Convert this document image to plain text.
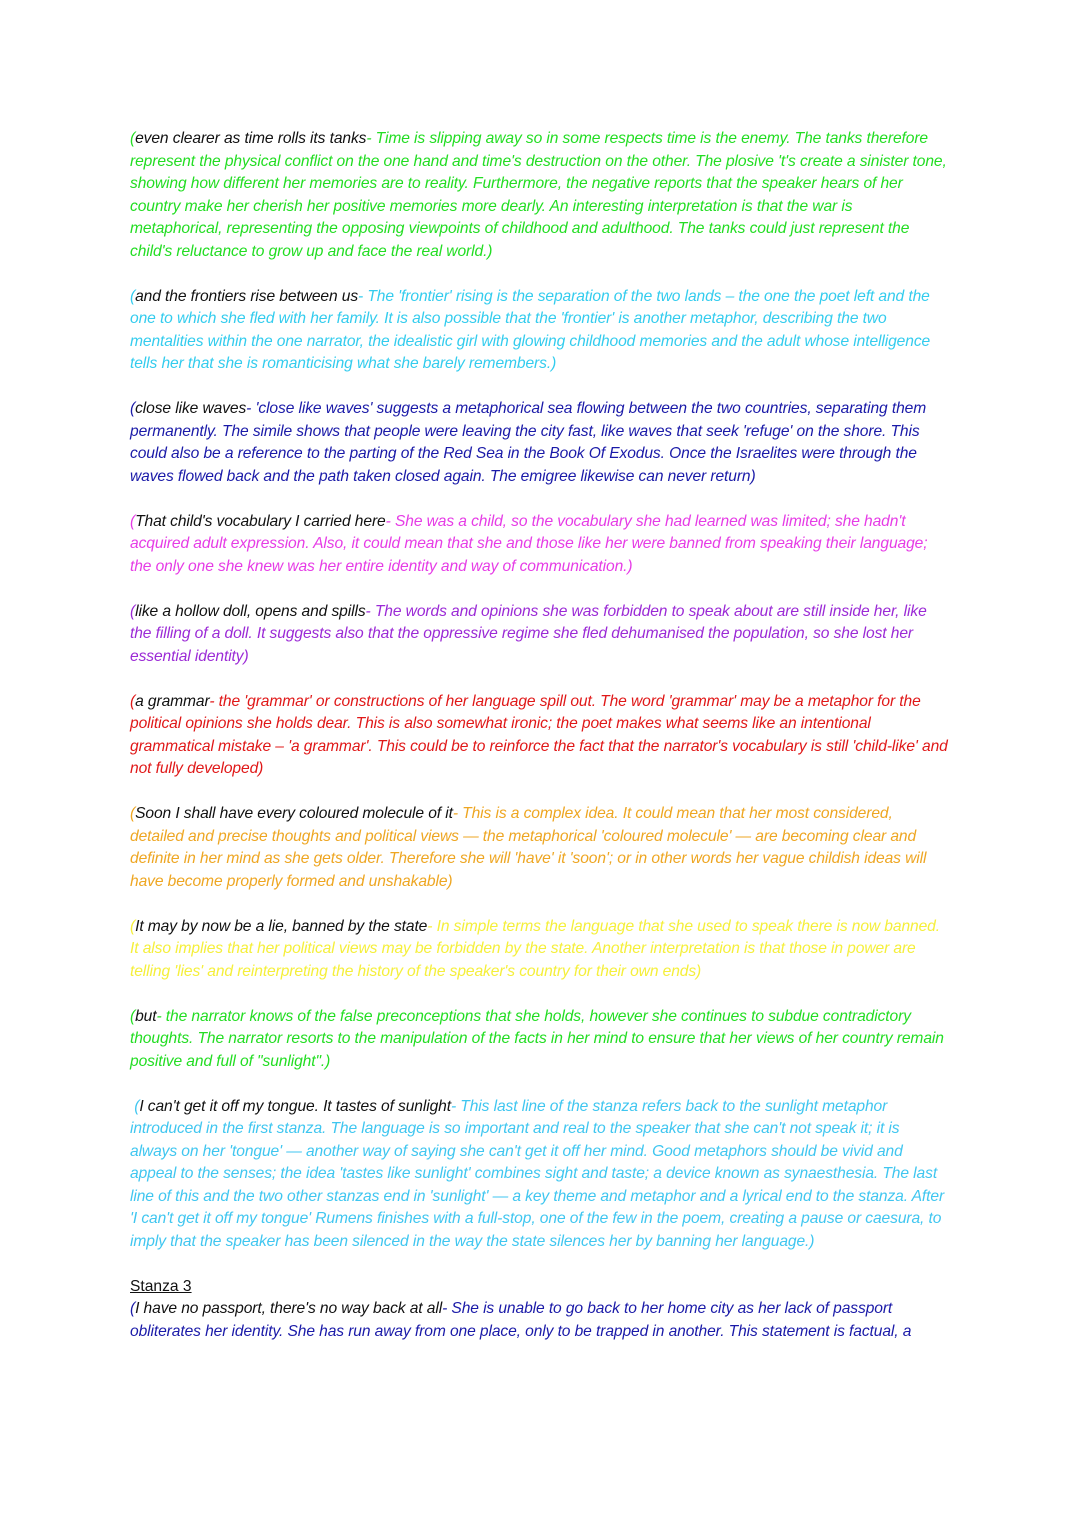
(even clearer as time rolls its tanks- Time is slipping away so in some respects time is the enemy. The tanks therefore represent the physical conflict on the one hand and time's destruction on the other. The plosive 't's create a sinister tone, showing how different her memories are to reality. Furthermore, the negative reports that the speaker hears of her country make her cherish her positive memories more dearly. An interesting interpretation is that the war is metaphorical, representing the opposing viewpoints of childhood and adulthood. The tanks could just represent the child's reluctance to grow up and face the real world.)

(and the frontiers rise between us- The 'frontier' rising is the separation of the two lands – the one the poet left and the one to which she fled with her family. It is also possible that the 'frontier' is another metaphor, describing the two mentalities within the one narrator, the idealistic girl with glowing childhood memories and the adult whose intelligence tells her that she is romanticising what she barely remembers.)

(close like waves- 'close like waves' suggests a metaphorical sea flowing between the two countries, separating them permanently. The simile shows that people were leaving the city fast, like waves that seek 'refuge' on the shore. This could also be a reference to the parting of the Red Sea in the Book Of Exodus. Once the Israelites were through the waves flowed back and the path taken closed again. The emigree likewise can never return)

(That child's vocabulary I carried here- She was a child, so the vocabulary she had learned was limited; she hadn't acquired adult expression. Also, it could mean that she and those like her were banned from speaking their language; the only one she knew was her entire identity and way of communication.)

(like a hollow doll, opens and spills- The words and opinions she was forbidden to speak about are still inside her, like the filling of a doll. It suggests also that the oppressive regime she fled dehumanised the population, so she lost her essential identity)

(a grammar- the 'grammar' or constructions of her language spill out. The word 'grammar' may be a metaphor for the political opinions she holds dear. This is also somewhat ironic; the poet makes what seems like an intentional grammatical mistake – 'a grammar'. This could be to reinforce the fact that the narrator's vocabulary is still 'child-like' and not fully developed)

(Soon I shall have every coloured molecule of it- This is a complex idea. It could mean that her most considered, detailed and precise thoughts and political views — the metaphorical 'coloured molecule' — are becoming clear and definite in her mind as she gets older. Therefore she will 'have' it 'soon'; or in other words her vague childish ideas will have become properly formed and unshakable)

(It may by now be a lie, banned by the state- In simple terms the language that she used to speak there is now banned. It also implies that her political views may be forbidden by the state. Another interpretation is that those in power are telling 'lies' and reinterpreting the history of the speaker's country for their own ends)

(but- the narrator knows of the false preconceptions that she holds, however she continues to subdue contradictory thoughts. The narrator resorts to the manipulation of the facts in her mind to ensure that her views of her country remain positive and full of "sunlight".)

(I can't get it off my tongue. It tastes of sunlight- This last line of the stanza refers back to the sunlight metaphor introduced in the first stanza. The language is so important and real to the speaker that she can't not speak it; it is always on her 'tongue' — another way of saying she can't get it off her mind. Good metaphors should be vivid and appeal to the senses; the idea 'tastes like sunlight' combines sight and taste; a device known as synaesthesia. The last line of this and the two other stanzas end in 'sunlight' — a key theme and metaphor and a lyrical end to the stanza. After 'I can't get it off my tongue' Rumens finishes with a full-stop, one of the few in the poem, creating a pause or caesura, to imply that the speaker has been silenced in the way the state silences her by banning her language.)

Stanza 3

(I have no passport, there's no way back at all- She is unable to go back to her home city as her lack of passport obliterates her identity. She has run away from one place, only to be trapped in another. This statement is factual, a
